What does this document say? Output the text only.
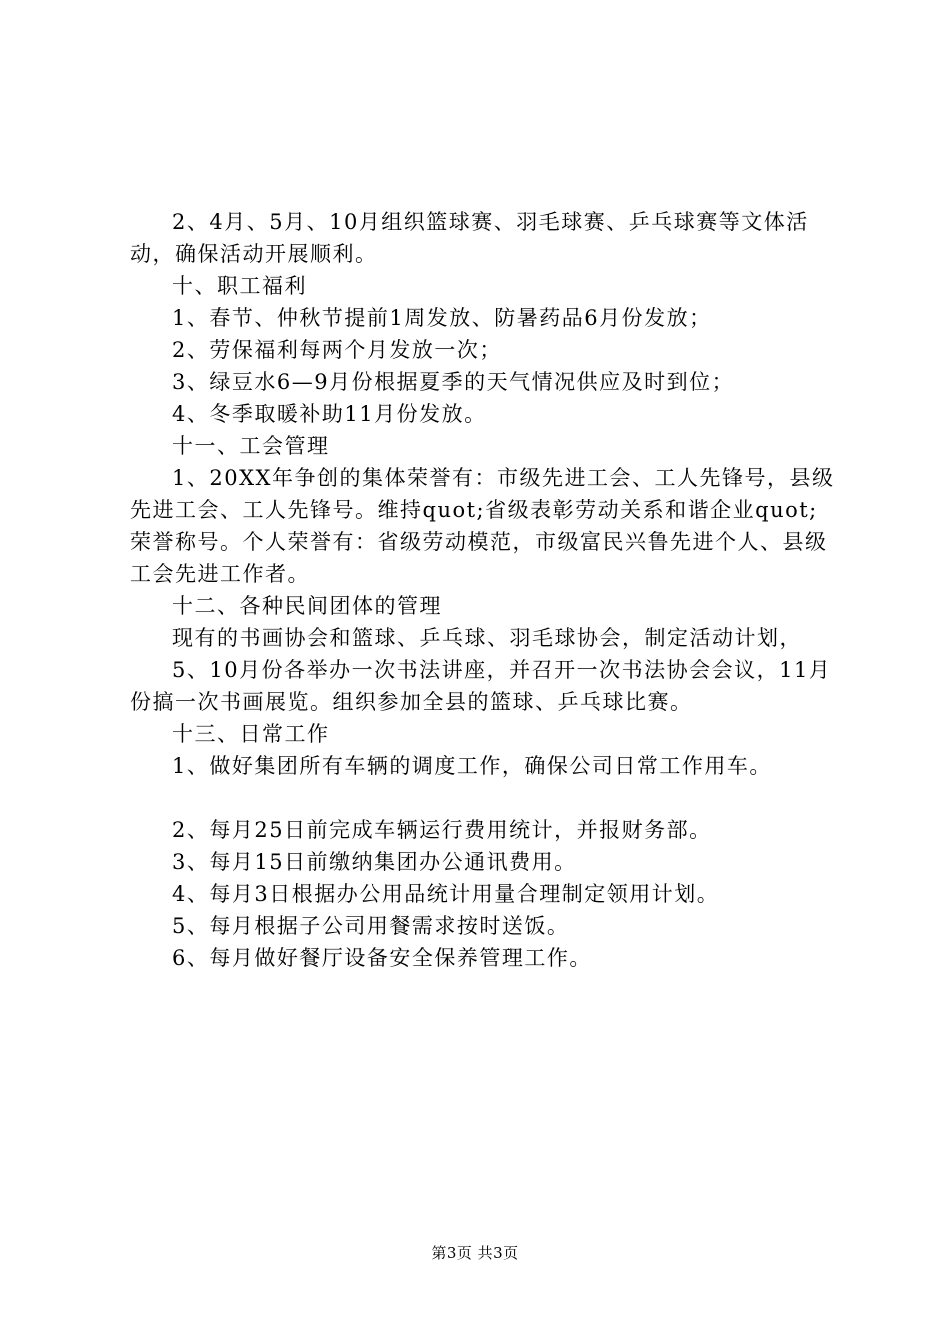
2、4月、5月、10月组织篮球赛、羽毛球赛、乒乓球赛等文体活动，确保活动开展顺利。

十、职工福利

1、春节、仲秋节提前1周发放、防暑药品6月份发放；

2、劳保福利每两个月发放一次；

3、绿豆水6—9月份根据夏季的天气情况供应及时到位；

4、冬季取暖补助11月份发放。

十一、工会管理

1、20XX年争创的集体荣誉有：市级先进工会、工人先锋号，县级先进工会、工人先锋号。维持quot;省级表彰劳动关系和谐企业quot;荣誉称号。个人荣誉有：省级劳动模范，市级富民兴鲁先进个人、县级工会先进工作者。

十二、各种民间团体的管理

现有的书画协会和篮球、乒乓球、羽毛球协会，制定活动计划，

5、10月份各举办一次书法讲座，并召开一次书法协会会议，11月份搞一次书画展览。组织参加全县的篮球、乒乓球比赛。

十三、日常工作

1、做好集团所有车辆的调度工作，确保公司日常工作用车。

2、每月25日前完成车辆运行费用统计，并报财务部。

3、每月15日前缴纳集团办公通讯费用。

4、每月3日根据办公用品统计用量合理制定领用计划。

5、每月根据子公司用餐需求按时送饭。

6、每月做好餐厅设备安全保养管理工作。

第3页 共3页
